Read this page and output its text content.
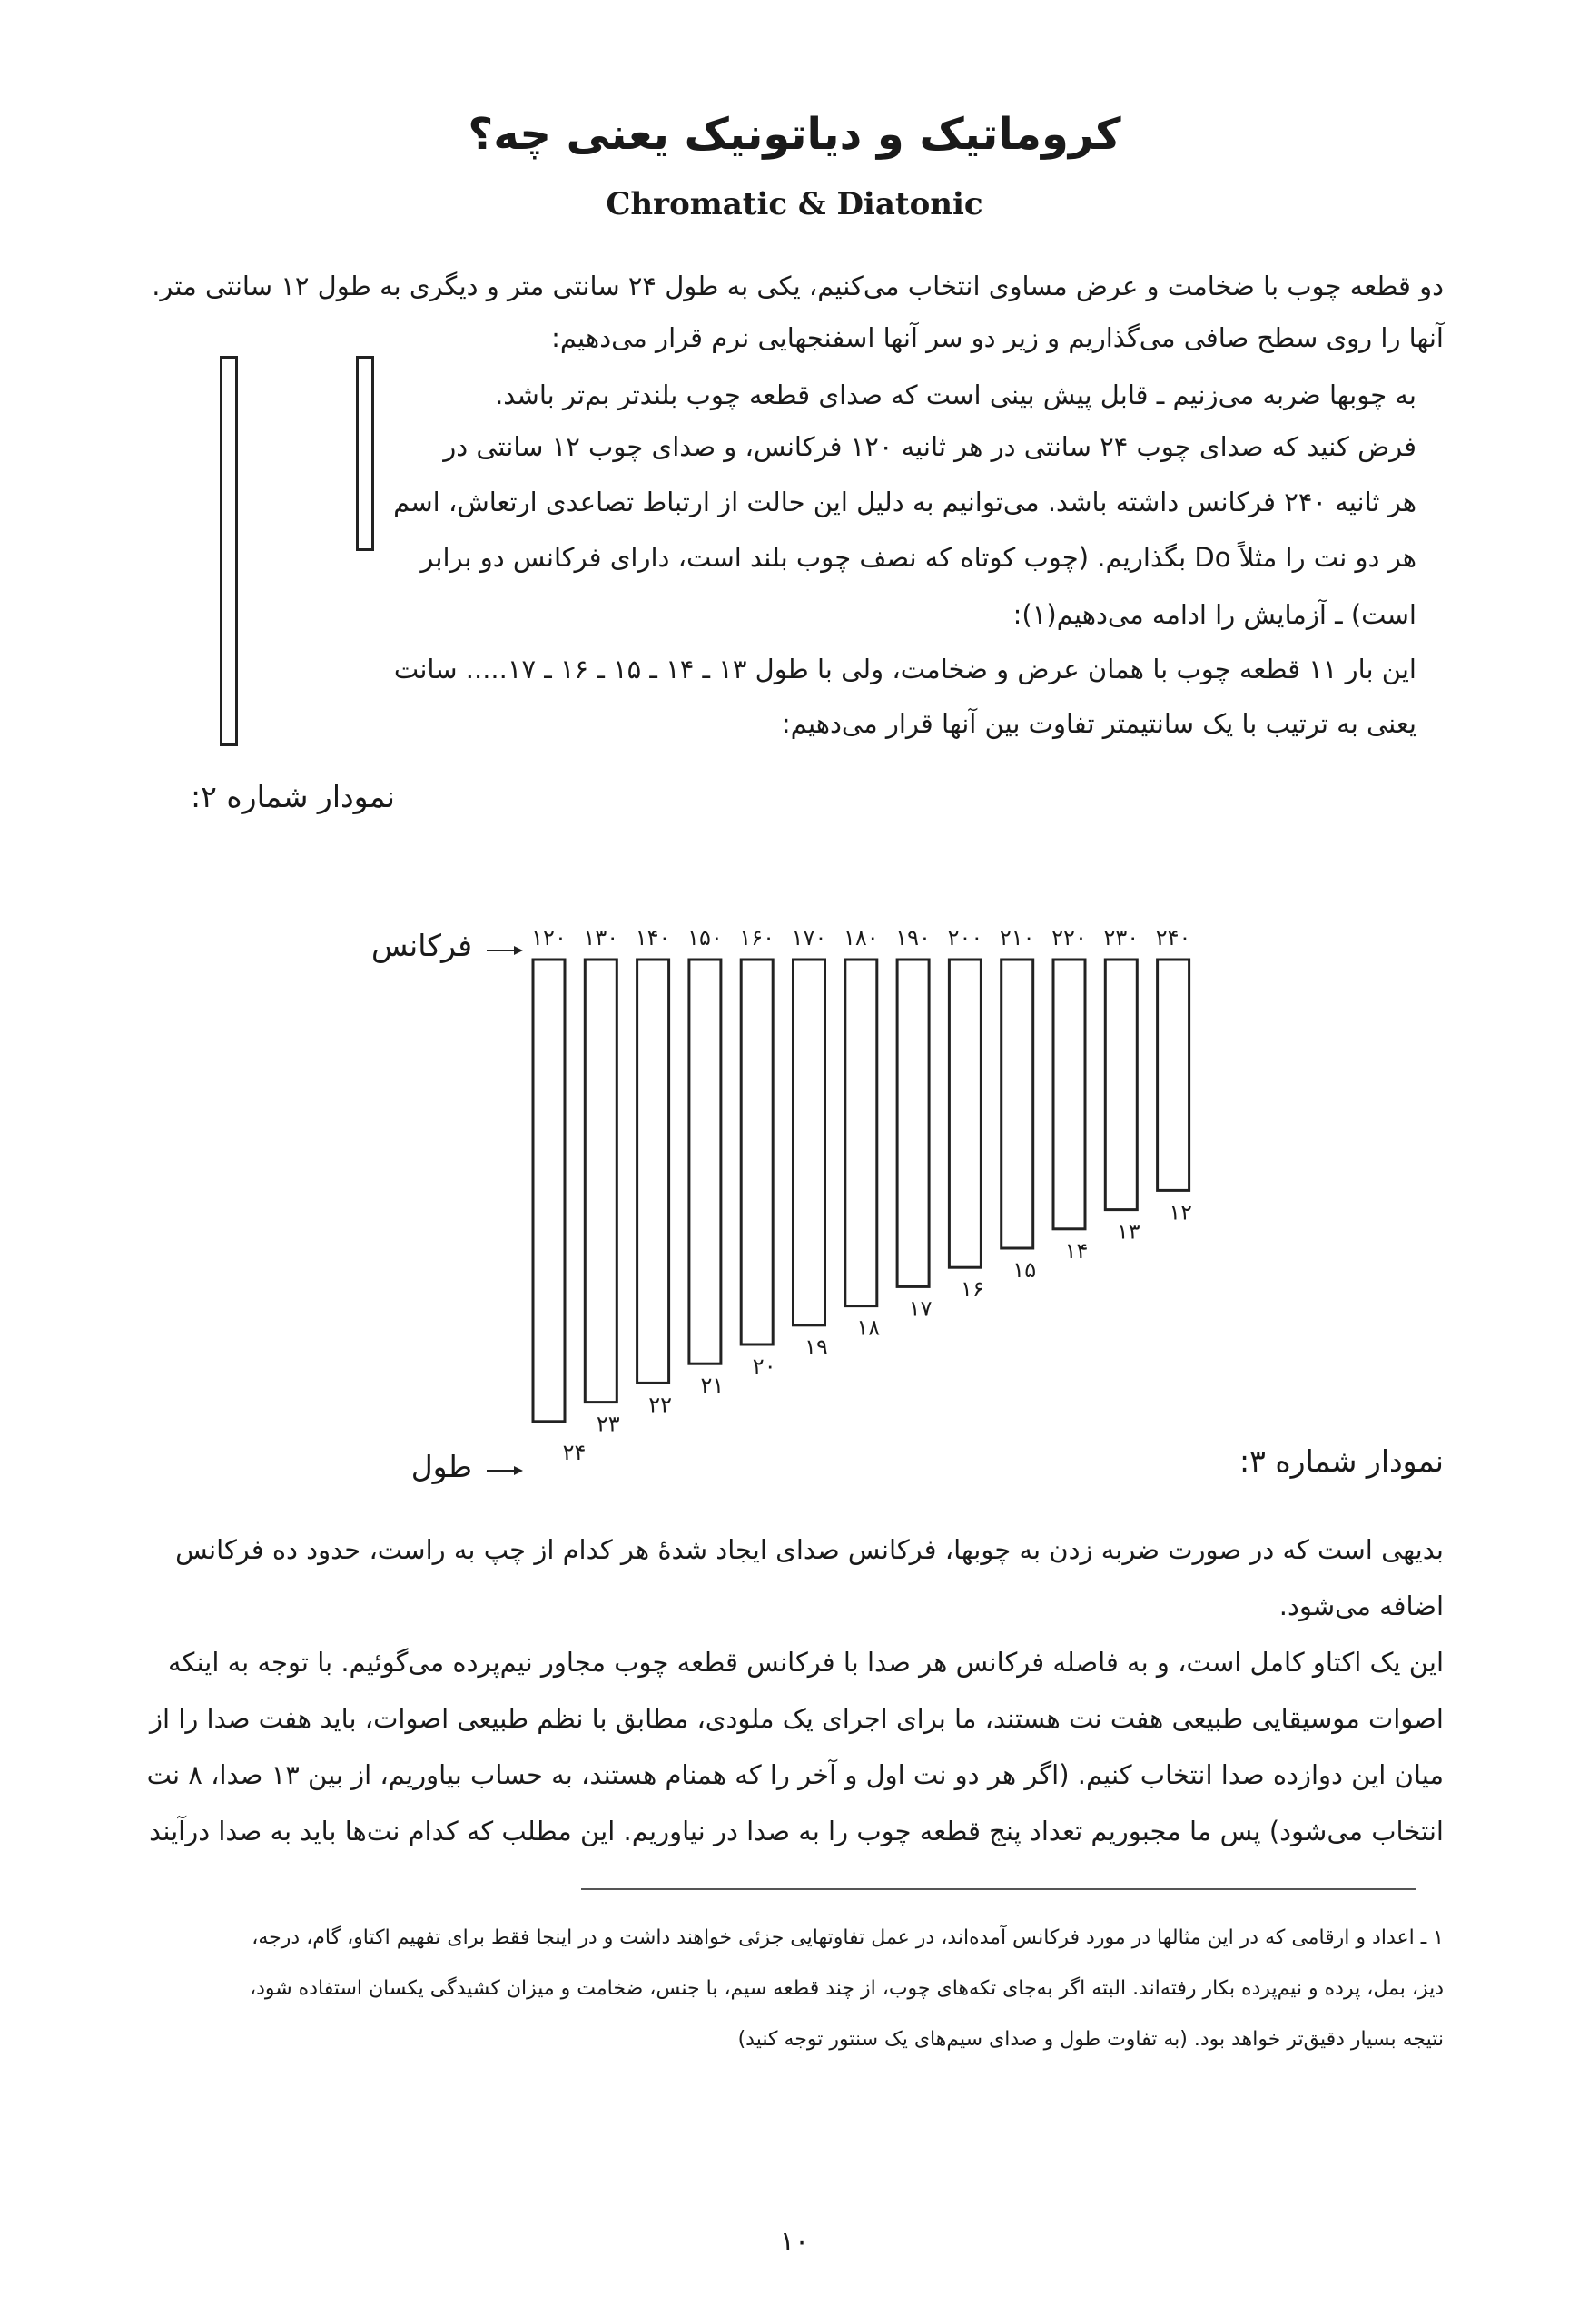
کروماتیک و دیاتونیک یعنی چه؟
Chromatic & Diatonic
دو قطعه چوب با ضخامت و عرض مساوی انتخاب می‌کنیم، یکی به طول ۲۴ سانتی متر و دیگری به طول ۱۲ سانتی متر.
آنها را روی سطح صافی می‌گذاریم و زیر دو سر آنها اسفنجهایی نرم قرار می‌دهیم:
به چوبها ضربه می‌زنیم ـ قابل پیش بینی است که صدای قطعه چوب بلندتر بم‌تر باشد.
فرض کنید که صدای چوب ۲۴ سانتی در هر ثانیه ۱۲۰ فرکانس، و صدای چوب ۱۲ سانتی در
هر ثانیه ۲۴۰ فرکانس داشته باشد. می‌توانیم به دلیل این حالت از ارتباط تصاعدی ارتعاش، اسم
هر دو نت را مثلاً Do بگذاریم. (چوب کوتاه که نصف چوب بلند است، دارای فرکانس دو برابر
است) ـ آزمایش را ادامه می‌دهیم(۱):
این بار ۱۱ قطعه چوب با همان عرض و ضخامت، ولی با طول ۱۳ ـ ۱۴ ـ ۱۵ ـ ۱۶ ـ ۱۷..... سانت
یعنی به ترتیب با یک سانتیمتر تفاوت بین آنها قرار می‌دهیم:
نمودار شماره ۲:
۱۲۰ ۱۳۰ ۱۴۰ ۱۵۰ ۱۶۰ ۱۷۰ ۱۸۰ ۱۹۰ ۲۰۰ ۲۱۰ ۲۲۰ ۲۳۰ ۲۴۰
۲۴
۲۳
۲۲
۲۱
۲۰
۱۹
۱۸
۱۷
۱۶
۱۵
۱۴
۱۳
۱۲
فرکانس
طول	نمودار شماره ۳:
بدیهی است که در صورت ضربه زدن به چوبها، فرکانس صدای ایجاد شدهٔ هر کدام از چپ به راست، حدود ده فرکانس
اضافه می‌شود.
این یک اکتاو کامل است، و به فاصله فرکانس هر صدا با فرکانس قطعه چوب مجاور نیم‌پرده می‌گوئیم. با توجه به اینکه
اصوات موسیقایی طبیعی هفت نت هستند، ما برای اجرای یک ملودی، مطابق با نظم طبیعی اصوات، باید هفت صدا را از
میان این دوازده صدا انتخاب کنیم. (اگر هر دو نت اول و آخر را که همنام هستند، به حساب بیاوریم، از بین ۱۳ صدا، ۸ نت
انتخاب می‌شود) پس ما مجبوریم تعداد پنج قطعه چوب را به صدا در نیاوریم. این مطلب که کدام نت‌ها باید به صدا درآیند
۱ ـ اعداد و ارقامی که در این مثالها در مورد فرکانس آمده‌اند، در عمل تفاوتهایی جزئی خواهند داشت و در اینجا فقط برای تفهیم اکتاو، گام، درجه،
دیز، بمل، پرده و نیم‌پرده بکار رفته‌اند. البته اگر به‌جای تکه‌های چوب، از چند قطعه سیم، با جنس، ضخامت و میزان کشیدگی یکسان استفاده شود،
نتیجه بسیار دقیق‌تر خواهد بود. (به تفاوت طول و صدای سیم‌های یک سنتور توجه کنید)
۱۰
